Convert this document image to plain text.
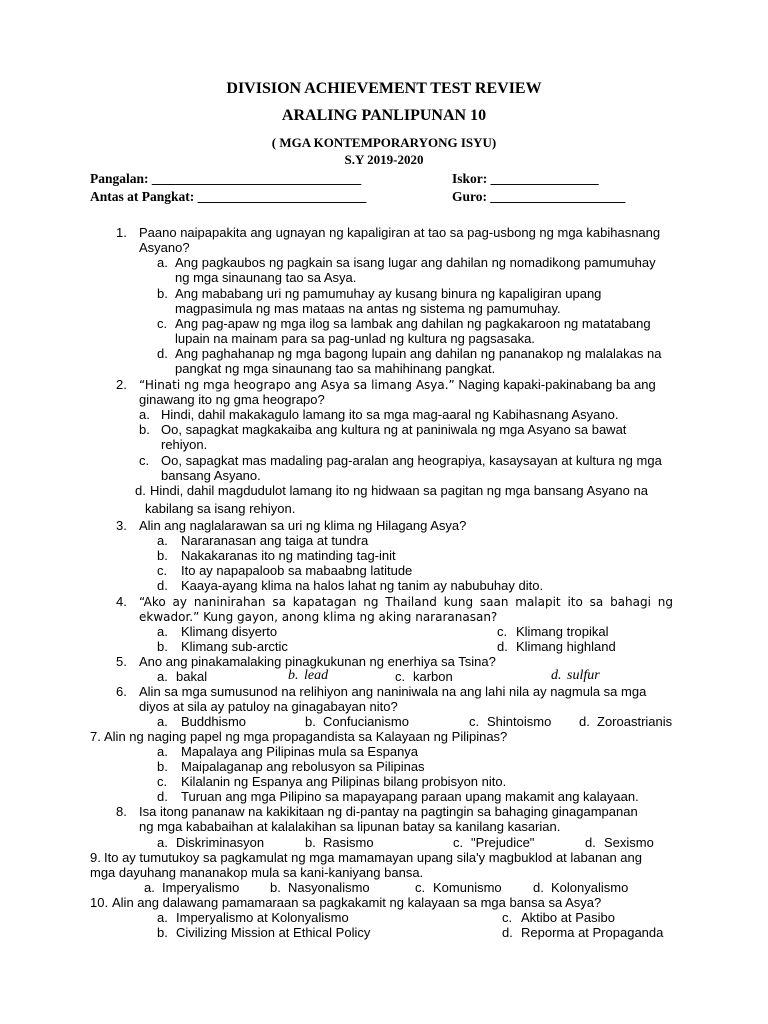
DIVISION ACHIEVEMENT TEST REVIEW
ARALING PANLIPUNAN 10
( MGA KONTEMPORARYONG ISYU)
S.Y 2019-2020
Pangalan: _______________________________	Iskor: ________________
Antas at Pangkat: _________________________	Guro: ____________________
1. Paano naipapakita ang ugnayan ng kapaligiran at tao sa pag-usbong ng mga kabihasnang
Asyano?
a. Ang pagkaubos ng pagkain sa isang lugar ang dahilan ng nomadikong pamumuhay
ng mga sinaunang tao sa Asya.
b. Ang mababang uri ng pamumuhay ay kusang binura ng kapaligiran upang
magpasimula ng mas mataas na antas ng sistema ng pamumuhay.
c. Ang pag-apaw ng mga ilog sa lambak ang dahilan ng pagkakaroon ng matatabang
lupain na mainam para sa pag-unlad ng kultura ng pagsasaka.
d. Ang paghahanap ng mga bagong lupain ang dahilan ng pananakop ng malalakas na
pangkat ng mga sinaunang tao sa mahihinang pangkat.
2. “Hinati ng mga heograpo ang Asya sa limang Asya.” Naging kapaki-pakinabang ba ang
ginawang ito ng gma heograpo?
a. Hindi, dahil makakagulo lamang ito sa mga mag-aaral ng Kabihasnang Asyano.
b. Oo, sapagkat magkakaiba ang kultura ng at paniniwala ng mga Asyano sa bawat
rehiyon.
c. Oo, sapagkat mas madaling pag-aralan ang heograpiya, kasaysayan at kultura ng mga
bansang Asyano.
d. Hindi, dahil magdudulot lamang ito ng hidwaan sa pagitan ng mga bansang Asyano na
kabilang sa isang rehiyon.
3. Alin ang naglalarawan sa uri ng klima ng Hilagang Asya?
a. Nararanasan ang taiga at tundra
b. Nakakaranas ito ng matinding tag-init
c. Ito ay napapaloob sa mabaabng latitude
d. Kaaya-ayang klima na halos lahat ng tanim ay nabubuhay dito.
4. “Ako ay naninirahan sa kapatagan ng Thailand kung saan malapit ito sa bahagi ng
ekwador.” Kung gayon, anong klima ng aking nararanasan?
a. Klimang disyerto	c. Klimang tropikal
b. Klimang sub-arctic	d. Klimang highland
5. Ano ang pinakamalaking pinagkukunan ng enerhiya sa Tsina?
a. bakal	b. lead	c. karbon	d. sulfur
6. Alin sa mga sumusunod na relihiyon ang naniniwala na ang lahi nila ay nagmula sa mga
diyos at sila ay patuloy na ginagabayan nito?
a. Buddhismo	b. Confucianismo	c. Shintoismo d. Zoroastrianis
7. Alin ng naging papel ng mga propagandista sa Kalayaan ng Pilipinas?
a. Mapalaya ang Pilipinas mula sa Espanya
b. Maipalaganap ang rebolusyon sa Pilipinas
c. Kilalanin ng Espanya ang Pilipinas bilang probisyon nito.
d. Turuan ang mga Pilipino sa mapayapang paraan upang makamit ang kalayaan.
8. Isa itong pananaw na kakikitaan ng di-pantay na pagtingin sa bahaging ginagampanan
ng mga kababaihan at kalalakihan sa lipunan batay sa kanilang kasarian.
a. Diskriminasyon	b. Rasismo	c. "Prejudice"	d. Sexismo
9. Ito ay tumutukoy sa pagkamulat ng mga mamamayan upang sila'y magbuklod at labanan ang
mga dayuhang mananakop mula sa kani-kaniyang bansa.
a. Imperyalismo b. Nasyonalismo	c. Komunismo d. Kolonyalismo
10. Alin ang dalawang pamamaraan sa pagkakamit ng kalayaan sa mga bansa sa Asya?
a. Imperyalismo at Kolonyalismo	c. Aktibo at Pasibo
b. Civilizing Mission at Ethical Policy	d. Reporma at Propaganda
